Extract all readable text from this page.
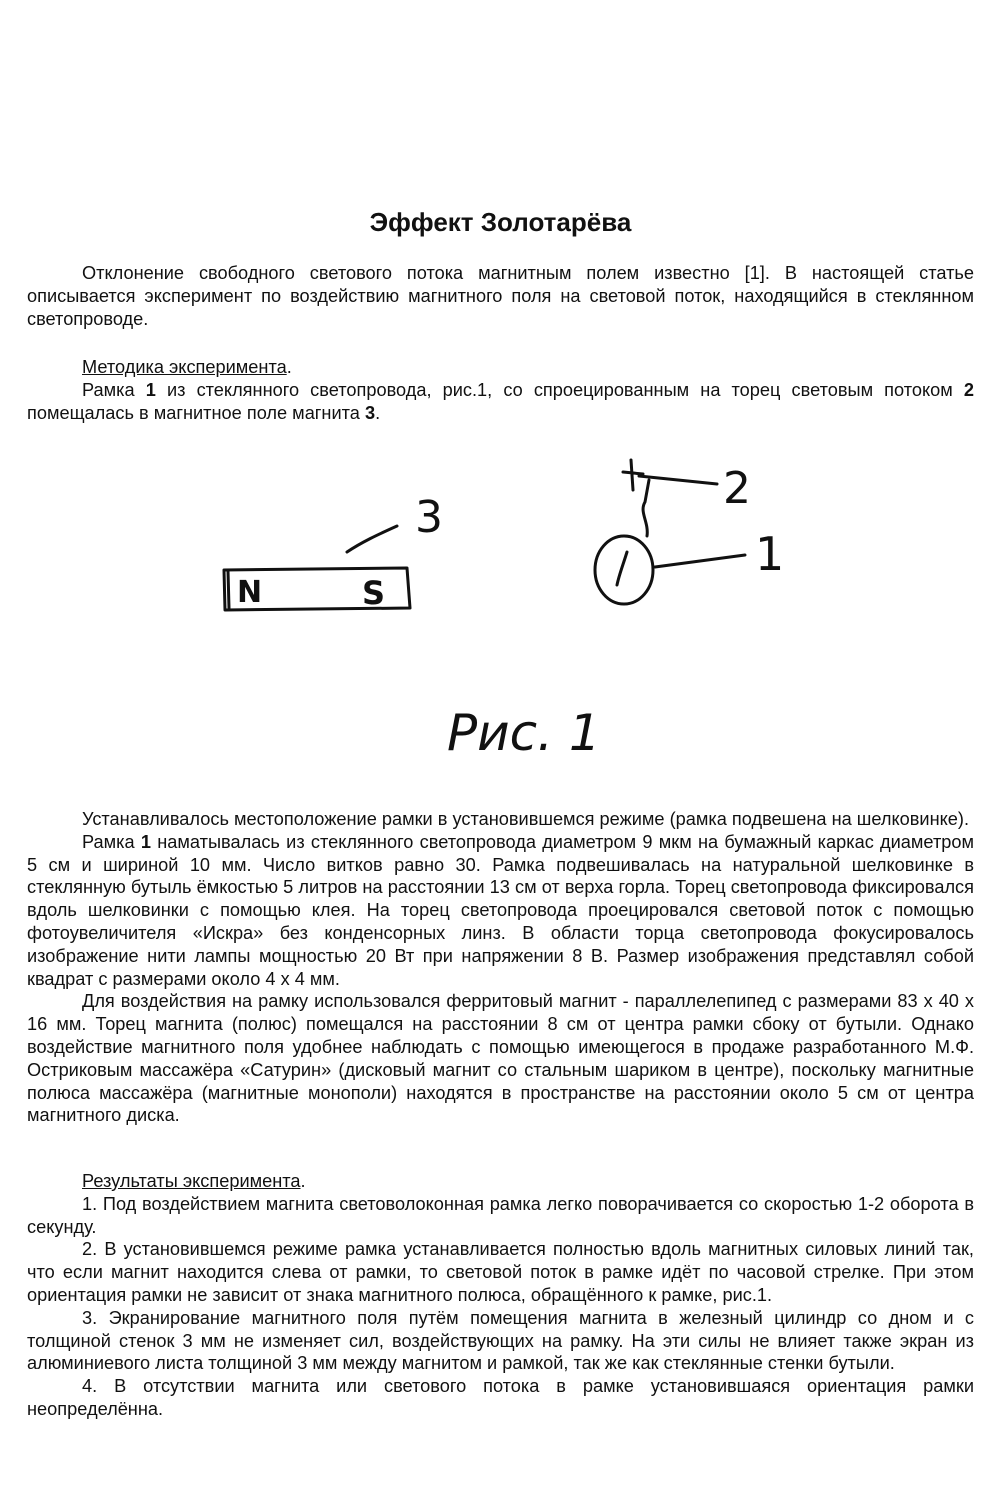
Эффект Золотарёва

Отклонение свободного светового потока магнитным полем известно [1]. В настоящей статье описывается эксперимент по воздействию магнитного поля на световой поток, находящийся в стеклянном светопроводе.

Методика эксперимента.

Рамка 1 из стеклянного светопровода, рис.1, со спроецированным на торец световым потоком 2 помещалась в магнитное поле магнита 3.

N	S
3
2
1
Рис. 1

Устанавливалось местоположение рамки в установившемся режиме (рамка подвешена на шелковинке).

Рамка 1 наматывалась из стеклянного светопровода диаметром 9 мкм на бумажный каркас диаметром 5 см и шириной 10 мм. Число витков равно 30. Рамка подвешивалась на натуральной шелковинке в стеклянную бутыль ёмкостью 5 литров на расстоянии 13 см от верха горла. Торец светопровода фиксировался вдоль шелковинки с помощью клея. На торец светопровода проецировался световой поток с помощью фотоувеличителя «Искра» без конденсорных линз. В области торца светопровода фокусировалось изображение нити лампы мощностью 20 Вт при напряжении 8 В. Размер изображения представлял собой квадрат с размерами около 4 х 4 мм.

Для воздействия на рамку использовался ферритовый магнит - параллелепипед с размерами 83 х 40 х 16 мм. Торец магнита (полюс) помещался на расстоянии 8 см от центра рамки сбоку от бутыли. Однако воздействие магнитного поля удобнее наблюдать с помощью имеющегося в продаже разработанного М.Ф. Остриковым массажёра «Сатурин» (дисковый магнит со стальным шариком в центре), поскольку магнитные полюса массажёра (магнитные монополи) находятся в пространстве на расстоянии около 5 см от центра магнитного диска.

Результаты эксперимента.

1. Под воздействием магнита световолоконная рамка легко поворачивается со скоростью 1-2 оборота в секунду.

2. В установившемся режиме рамка устанавливается полностью вдоль магнитных силовых линий так, что если магнит находится слева от рамки, то световой поток в рамке идёт по часовой стрелке. При этом ориентация рамки не зависит от знака магнитного полюса, обращённого к рамке, рис.1.

3. Экранирование магнитного поля путём помещения магнита в железный цилиндр со дном и с толщиной стенок 3 мм не изменяет сил, воздействующих на рамку. На эти силы не влияет также экран из алюминиевого листа толщиной 3 мм между магнитом и рамкой, так же как стеклянные стенки бутыли.

4. В отсутствии магнита или светового потока в рамке установившаяся ориентация рамки неопределённа.
